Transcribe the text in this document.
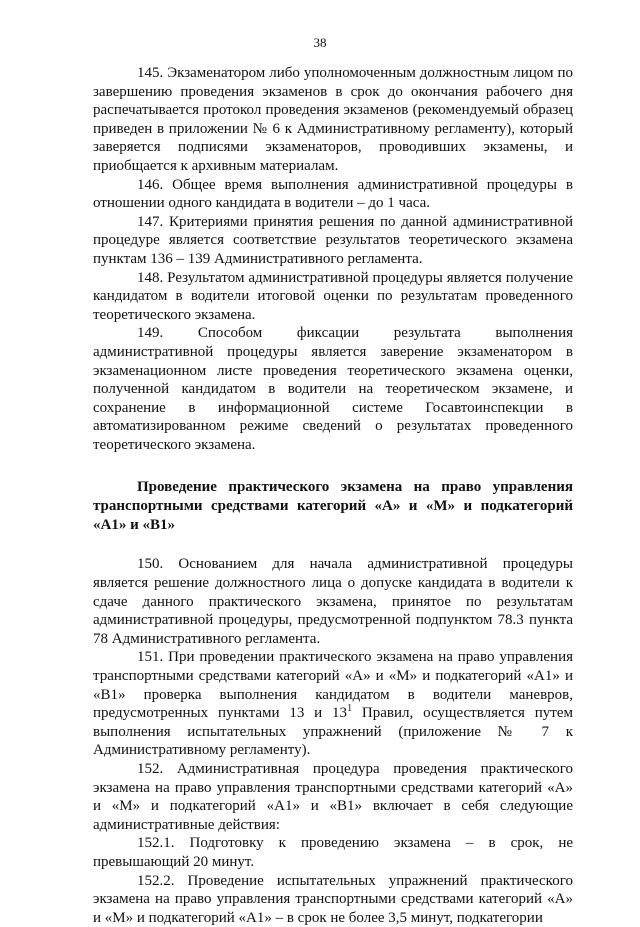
38

145. Экзаменатором либо уполномоченным должностным лицом по завершению проведения экзаменов в срок до окончания рабочего дня распечатывается протокол проведения экзаменов (рекомендуемый образец приведен в приложении № 6 к Административному регламенту), который заверяется подписями экзаменаторов, проводивших экзамены, и приобщается к архивным материалам.

146. Общее время выполнения административной процедуры в отношении одного кандидата в водители – до 1 часа.

147. Критериями принятия решения по данной административной процедуре является соответствие результатов теоретического экзамена пунктам 136 – 139 Административного регламента.

148. Результатом административной процедуры является получение кандидатом в водители итоговой оценки по результатам проведенного теоретического экзамена.

149. Способом фиксации результата выполнения административной процедуры является заверение экзаменатором в экзаменационном листе проведения теоретического экзамена оценки, полученной кандидатом в водители на теоретическом экзамене, и сохранение в информационной системе Госавтоинспекции в автоматизированном режиме сведений о результатах проведенного теоретического экзамена.

Проведение практического экзамена на право управления транспортными средствами категорий «А» и «М» и подкатегорий «А1» и «В1»

150. Основанием для начала административной процедуры является решение должностного лица о допуске кандидата в водители к сдаче данного практического экзамена, принятое по результатам административной процедуры, предусмотренной подпунктом 78.3 пункта 78 Административного регламента.

151. При проведении практического экзамена на право управления транспортными средствами категорий «А» и «М» и подкатегорий «А1» и «В1» проверка выполнения кандидатом в водители маневров, предусмотренных пунктами 13 и $13^1$ Правил, осуществляется путем выполнения испытательных упражнений (приложение № 7 к Административному регламенту).

152. Административная процедура проведения практического экзамена на право управления транспортными средствами категорий «А» и «М» и подкатегорий «А1» и «В1» включает в себя следующие административные действия:

152.1. Подготовку к проведению экзамена – в срок, не превышающий 20 минут.

152.2. Проведение испытательных упражнений практического экзамена на право управления транспортными средствами категорий «А» и «М» и подкатегорий «А1» – в срок не более 3,5 минут, подкатегории
